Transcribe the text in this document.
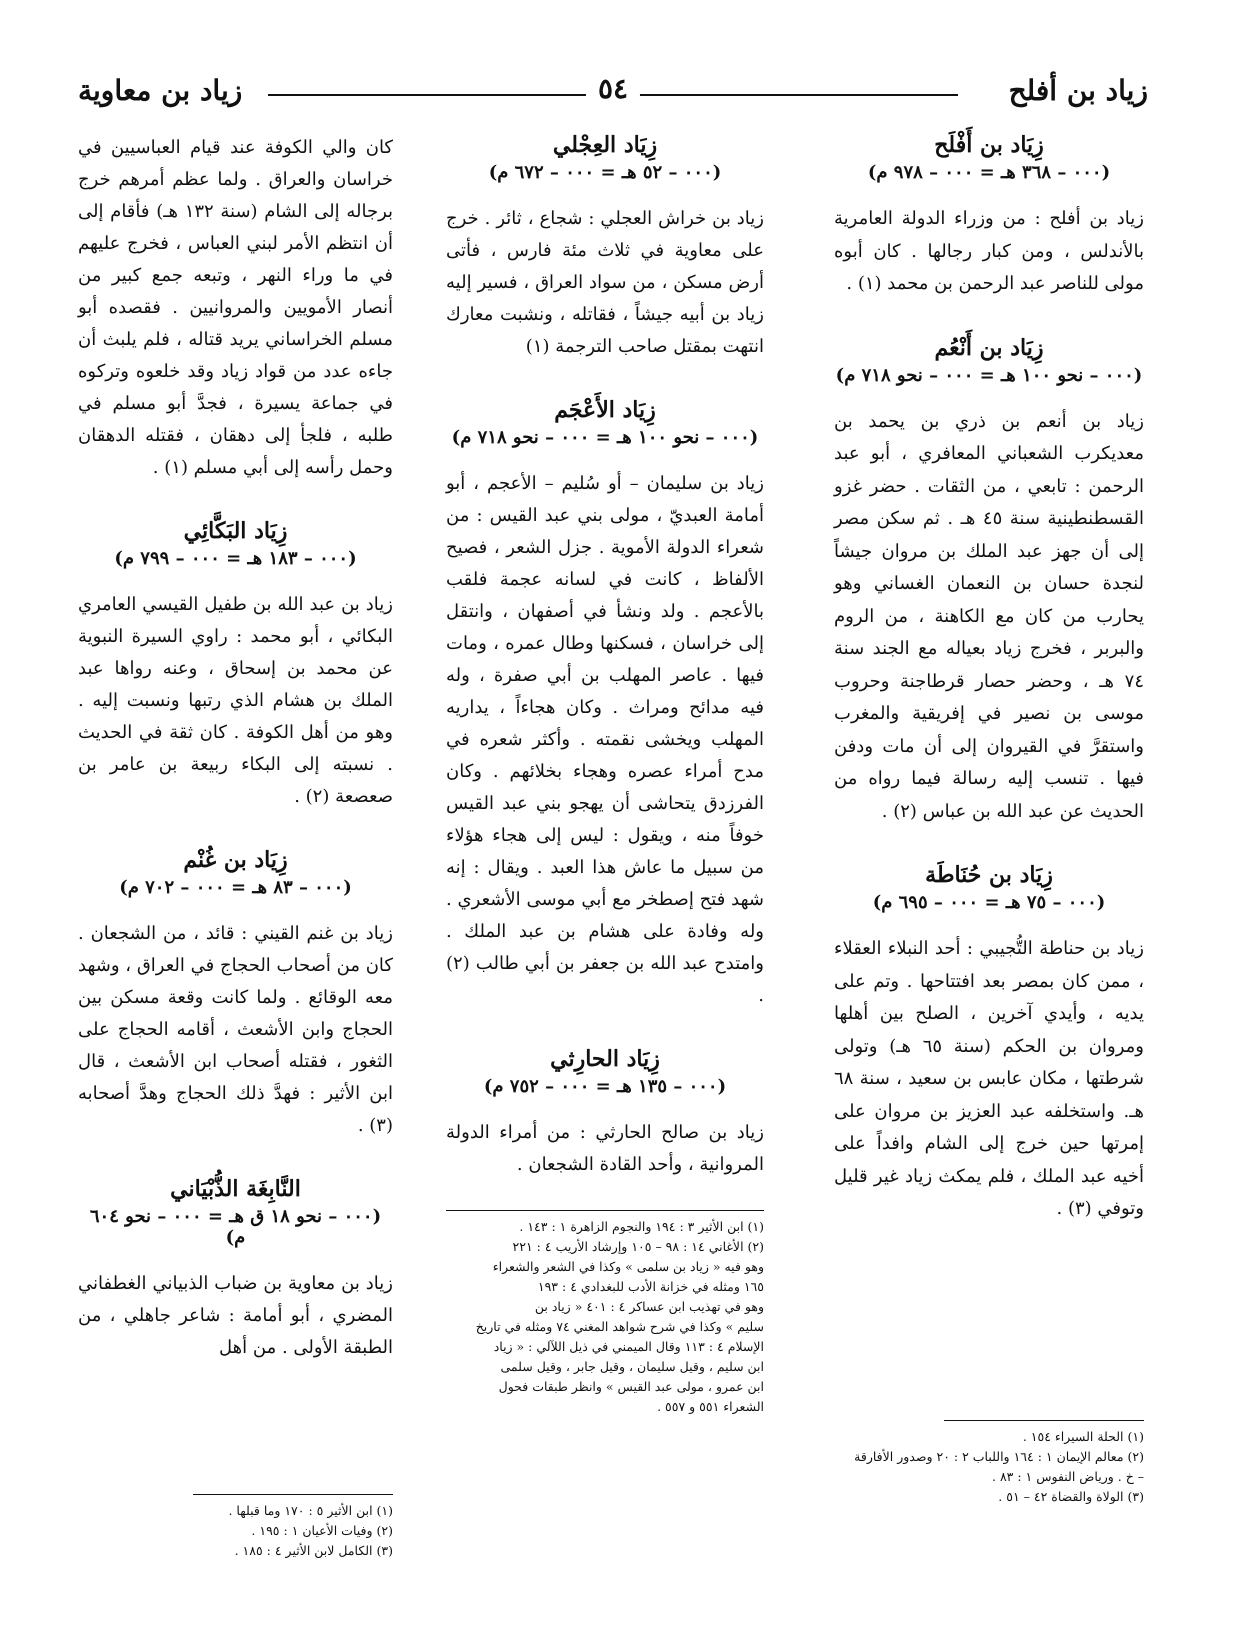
زياد بن أفلح
٥٤
زياد بن معاوية
زِيَاد بن أَفْلَح
(٠٠٠ – ٣٦٨ هـ = ٠٠٠ – ٩٧٨ م)
زياد بن أفلح : من وزراء الدولة العامرية بالأندلس ، ومن كبار رجالها . كان أبوه مولى للناصر عبد الرحمن بن محمد (١) .
زِيَاد بن أَنْعُم
(٠٠٠ – نحو ١٠٠ هـ = ٠٠٠ – نحو ٧١٨ م)
زياد بن أنعم بن ذري بن يحمد بن معديكرب الشعباني المعافري ، أبو عبد الرحمن : تابعي ، من الثقات . حضر غزو القسطنطينية سنة ٤٥ هـ . ثم سكن مصر إلى أن جهز عبد الملك بن مروان جيشاً لنجدة حسان بن النعمان الغساني وهو يحارب من كان مع الكاهنة ، من الروم والبربر ، فخرج زياد بعياله مع الجند سنة ٧٤ هـ ، وحضر حصار قرطاجنة وحروب موسى بن نصير في إفريقية والمغرب واستقرَّ في القيروان إلى أن مات ودفن فيها . تنسب إليه رسالة فيما رواه من الحديث عن عبد الله بن عباس (٢) .
زِيَاد بن حُنَاطَة
(٠٠٠ – ٧٥ هـ = ٠٠٠ – ٦٩٥ م)
زياد بن حناطة التُّجيبي : أحد النبلاء العقلاء ، ممن كان بمصر بعد افتتاحها . وتم على يديه ، وأيدي آخرين ، الصلح بين أهلها ومروان بن الحكم (سنة ٦٥ هـ) وتولى شرطتها ، مكان عابس بن سعيد ، سنة ٦٨ هـ. واستخلفه عبد العزيز بن مروان على إمرتها حين خرج إلى الشام وافداً على أخيه عبد الملك ، فلم يمكث زياد غير قليل وتوفي (٣) .
زِيَاد العِجْلي
(٠٠٠ – ٥٢ هـ = ٠٠٠ – ٦٧٢ م)
زياد بن خراش العجلي : شجاع ، ثائر . خرج على معاوية في ثلاث مئة فارس ، فأتى أرض مسكن ، من سواد العراق ، فسير إليه زياد بن أبيه جيشاً ، فقاتله ، ونشبت معارك انتهت بمقتل صاحب الترجمة (١)
زِيَاد الأَعْجَم
(٠٠٠ – نحو ١٠٠ هـ = ٠٠٠ – نحو ٧١٨ م)
زياد بن سليمان – أو سُليم – الأعجم ، أبو أمامة العبديّ ، مولى بني عبد القيس : من شعراء الدولة الأموية . جزل الشعر ، فصيح الألفاظ ، كانت في لسانه عجمة فلقب بالأعجم . ولد ونشأ في أصفهان ، وانتقل إلى خراسان ، فسكنها وطال عمره ، ومات فيها . عاصر المهلب بن أبي صفرة ، وله فيه مدائح ومراث . وكان هجاءاً ، يداريه المهلب ويخشى نقمته . وأكثر شعره في مدح أمراء عصره وهجاء بخلائهم . وكان الفرزدق يتحاشى أن يهجو بني عبد القيس خوفاً منه ، ويقول : ليس إلى هجاء هؤلاء من سبيل ما عاش هذا العبد . ويقال : إنه شهد فتح إصطخر مع أبي موسى الأشعري . وله وفادة على هشام بن عبد الملك . وامتدح عبد الله بن جعفر بن أبي طالب (٢) .
زِيَاد الحارِثي
(٠٠٠ – ١٣٥ هـ = ٠٠٠ – ٧٥٢ م)
زياد بن صالح الحارثي : من أمراء الدولة المروانية ، وأحد القادة الشجعان .
كان والي الكوفة عند قيام العباسيين في خراسان والعراق . ولما عظم أمرهم خرج برجاله إلى الشام (سنة ١٣٢ هـ) فأقام إلى أن انتظم الأمر لبني العباس ، فخرج عليهم في ما وراء النهر ، وتبعه جمع كبير من أنصار الأمويين والمروانيين . فقصده أبو مسلم الخراساني يريد قتاله ، فلم يلبث أن جاءه عدد من قواد زياد وقد خلعوه وتركوه في جماعة يسيرة ، فجدَّ أبو مسلم في طلبه ، فلجأ إلى دهقان ، فقتله الدهقان وحمل رأسه إلى أبي مسلم (١) .
زِيَاد البَكَّائِي
(٠٠٠ – ١٨٣ هـ = ٠٠٠ – ٧٩٩ م)
زياد بن عبد الله بن طفيل القيسي العامري البكائي ، أبو محمد : راوي السيرة النبوية عن محمد بن إسحاق ، وعنه رواها عبد الملك بن هشام الذي رتبها ونسبت إليه . وهو من أهل الكوفة . كان ثقة في الحديث . نسبته إلى البكاء ربيعة بن عامر بن صعصعة (٢) .
زِيَاد بن غُنْم
(٠٠٠ – ٨٣ هـ = ٠٠٠ – ٧٠٢ م)
زياد بن غنم القيني : قائد ، من الشجعان . كان من أصحاب الحجاج في العراق ، وشهد معه الوقائع . ولما كانت وقعة مسكن بين الحجاج وابن الأشعث ، أقامه الحجاج على الثغور ، فقتله أصحاب ابن الأشعث ، قال ابن الأثير : فهدَّ ذلك الحجاج وهدَّ أصحابه (٣) .
النَّابِغَة الذُّبْيَاني
(٠٠٠ – نحو ١٨ ق هـ = ٠٠٠ – نحو ٦٠٤ م)
زياد بن معاوية بن ضباب الذبياني الغطفاني المضري ، أبو أمامة : شاعر جاهلي ، من الطبقة الأولى . من أهل
(١) ابن الأثير ٣ : ١٩٤ والنجوم الزاهرة ١ : ١٤٣ .
(٢) الأغاني ١٤ : ٩٨ – ١٠٥ وإرشاد الأريب ٤ : ٢٢١
وهو فيه « زياد بن سلمى » وكذا في الشعر والشعراء
١٦٥ ومثله في خزانة الأدب للبغدادي ٤ : ١٩٣
وهو في تهذيب ابن عساكر ٤ : ٤٠١ « زياد بن
سليم » وكذا في شرح شواهد المغني ٧٤ ومثله في تاريخ
الإسلام ٤ : ١١٣ وقال الميمني في ذيل اللآلي : « زياد
ابن سليم ، وقيل سليمان ، وقيل جابر ، وقيل سلمى
ابن عمرو ، مولى عبد القيس » وانظر طبقات فحول
الشعراء ٥٥١ و ٥٥٧ .
(١) الحلة السيراء ١٥٤ .
(٢) معالم الإيمان ١ : ١٦٤ واللباب ٢ : ٢٠ وصدور الأفارقة
– خ . ورياض النفوس ١ : ٨٣ .
(٣) الولاة والقضاة ٤٢ – ٥١ .
(١) ابن الأثير ٥ : ١٧٠ وما قبلها .
(٢) وفيات الأعيان ١ : ١٩٥ .
(٣) الكامل لابن الأثير ٤ : ١٨٥ .
